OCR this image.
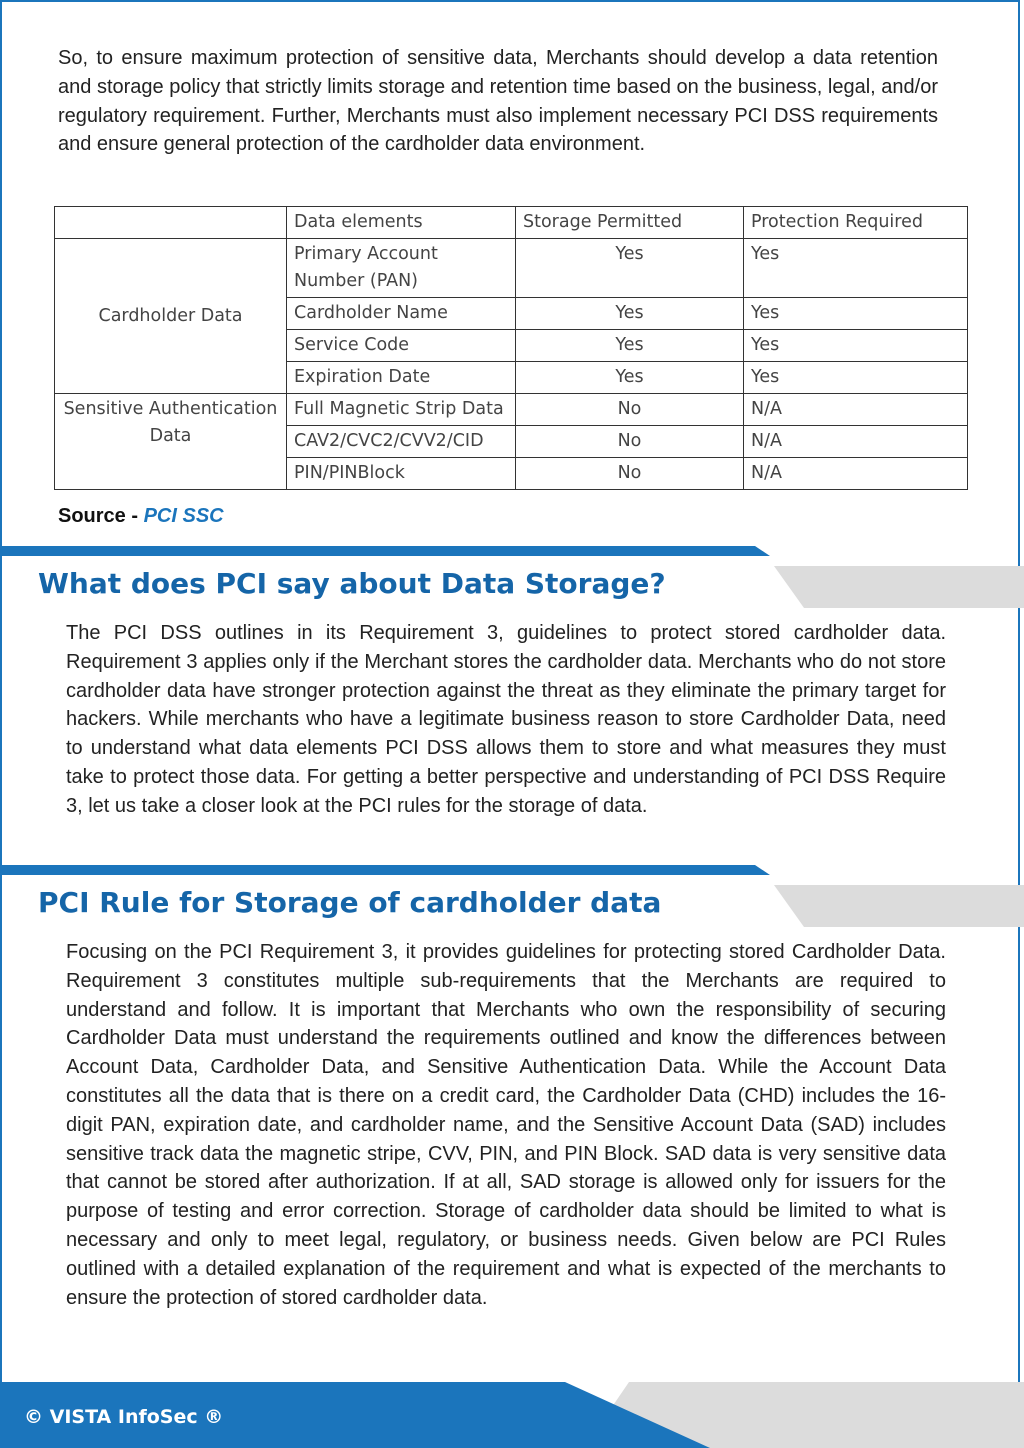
So, to ensure maximum protection of sensitive data, Merchants should develop a data retention and storage policy that strictly limits storage and retention time based on the business, legal, and/or regulatory requirement. Further, Merchants must also implement necessary PCI DSS requirements and ensure general protection of the cardholder data environment.

	Data elements	Storage Permitted	Protection Required
Cardholder Data	Primary Account Number (PAN)	Yes	Yes
	Cardholder Name	Yes	Yes
	Service Code	Yes	Yes
	Expiration Date	Yes	Yes
Sensitive Authentication Data	Full Magnetic Strip Data	No	N/A
	CAV2/CVC2/CVV2/CID	No	N/A
	PIN/PINBlock	No	N/A
Source - PCI SSC
What does PCI say about Data Storage?

The PCI DSS outlines in its Requirement 3, guidelines to protect stored cardholder data. Requirement 3 applies only if the Merchant stores the cardholder data. Merchants who do not store cardholder data have stronger protection against the threat as they eliminate the primary target for hackers. While merchants who have a legitimate business reason to store Cardholder Data, need to understand what data elements PCI DSS allows them to store and what measures they must take to protect those data. For getting a better perspective and understanding of PCI DSS Require 3, let us take a closer look at the PCI rules for the storage of data.

PCI Rule for Storage of cardholder data

Focusing on the PCI Requirement 3, it provides guidelines for protecting stored Cardholder Data. Requirement 3 constitutes multiple sub-requirements that the Merchants are required to understand and follow. It is important that Merchants who own the responsibility of securing Cardholder Data must understand the requirements outlined and know the differences between Account Data, Cardholder Data, and Sensitive Authentication Data. While the Account Data constitutes all the data that is there on a credit card, the Cardholder Data (CHD) includes the 16-digit PAN, expiration date, and cardholder name, and the Sensitive Account Data (SAD) includes sensitive track data the magnetic stripe, CVV, PIN, and PIN Block. SAD data is very sensitive data that cannot be stored after authorization. If at all, SAD storage is allowed only for issuers for the purpose of testing and error correction. Storage of cardholder data should be limited to what is necessary and only to meet legal, regulatory, or business needs. Given below are PCI Rules outlined with a detailed explanation of the requirement and what is expected of the merchants to ensure the protection of stored cardholder data.

© VISTA InfoSec ®
